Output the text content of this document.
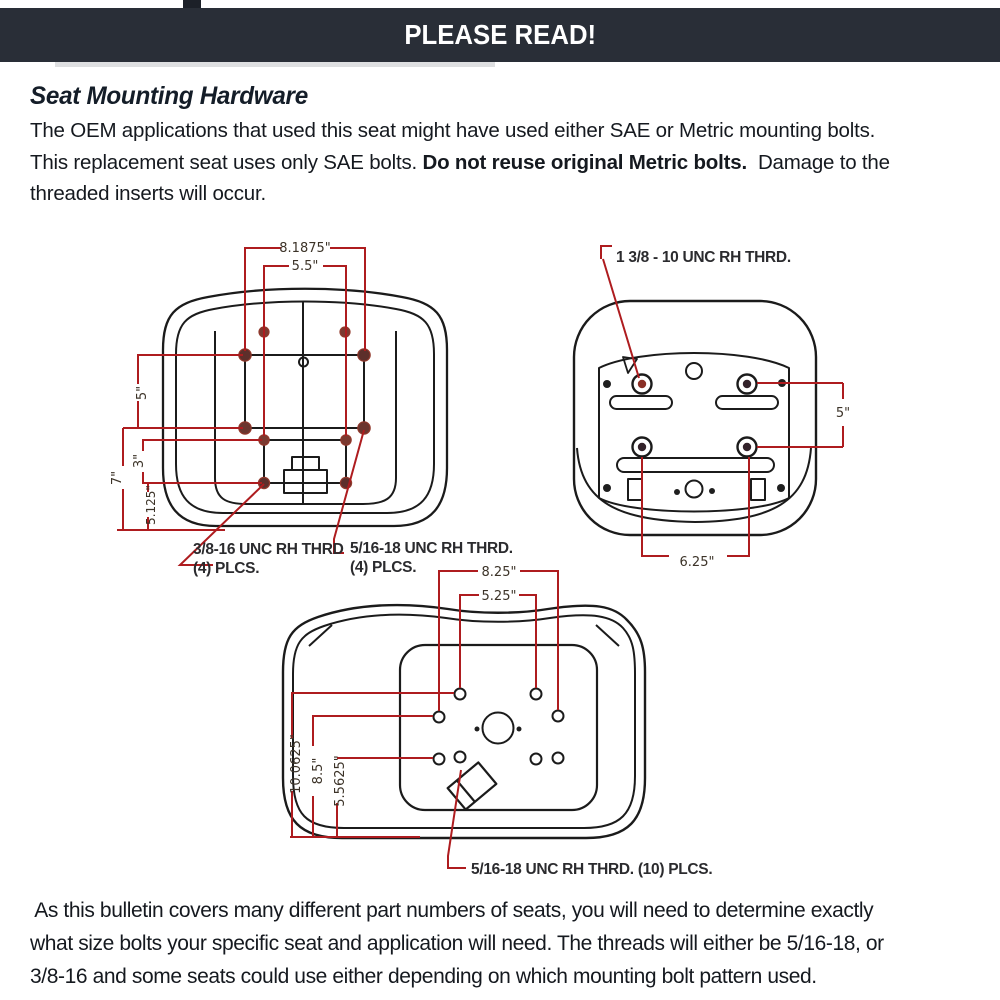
PLEASE READ!
Seat Mounting Hardware
The OEM applications that used this seat might have used either SAE or Metric mounting bolts.
This replacement seat uses only SAE bolts. Do not reuse original Metric bolts.  Damage to the
threaded inserts will occur.
8.1875"
5.5"
5"
3"
7"
5.125"
3/8-16 UNC RH THRD
(4) PLCS.
5/16-18 UNC RH THRD.
(4) PLCS.
1 3/8 - 10 UNC RH THRD.
5"
6.25"
8.25"
5.25"
10.0625" 8.5" 5.5625"
5/16-18 UNC RH THRD. (10) PLCS.
As this bulletin covers many different part numbers of seats, you will need to determine exactly
what size bolts your specific seat and application will need. The threads will either be 5/16-18, or
3/8-16 and some seats could use either depending on which mounting bolt pattern used.
